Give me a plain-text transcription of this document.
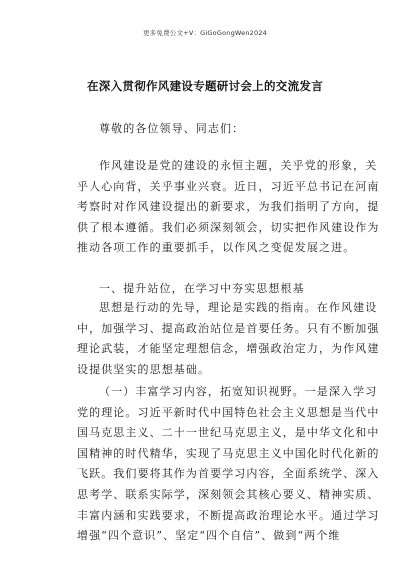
更多免费公文+V：GiGoGongWen2024
在深入贯彻作风建设专题研讨会上的交流发言
尊敬的各位领导、同志们：
作风建设是党的建设的永恒主题，关乎党的形象，关
乎人心向背，关乎事业兴衰。近日，习近平总书记在河南
考察时对作风建设提出的新要求，为我们指明了方向，提
供了根本遵循。我们必须深刻领会，切实把作风建设作为
推动各项工作的重要抓手，以作风之变促发展之进。
一、提升站位，在学习中夯实思想根基
思想是行动的先导，理论是实践的指南。在作风建设
中，加强学习、提高政治站位是首要任务。只有不断加强
理论武装，才能坚定理想信念，增强政治定力，为作风建
设提供坚实的思想基础。
（一）丰富学习内容，拓宽知识视野。一是深入学习
党的理论。习近平新时代中国特色社会主义思想是当代中
国马克思主义、二十一世纪马克思主义，是中华文化和中
国精神的时代精华，实现了马克思主义中国化时代化新的
飞跃。我们要将其作为首要学习内容，全面系统学、深入
思考学、联系实际学，深刻领会其核心要义、精神实质、
丰富内涵和实践要求，不断提高政治理论水平。通过学习
增强“四个意识”、坚定“四个自信”、做到“两个维
